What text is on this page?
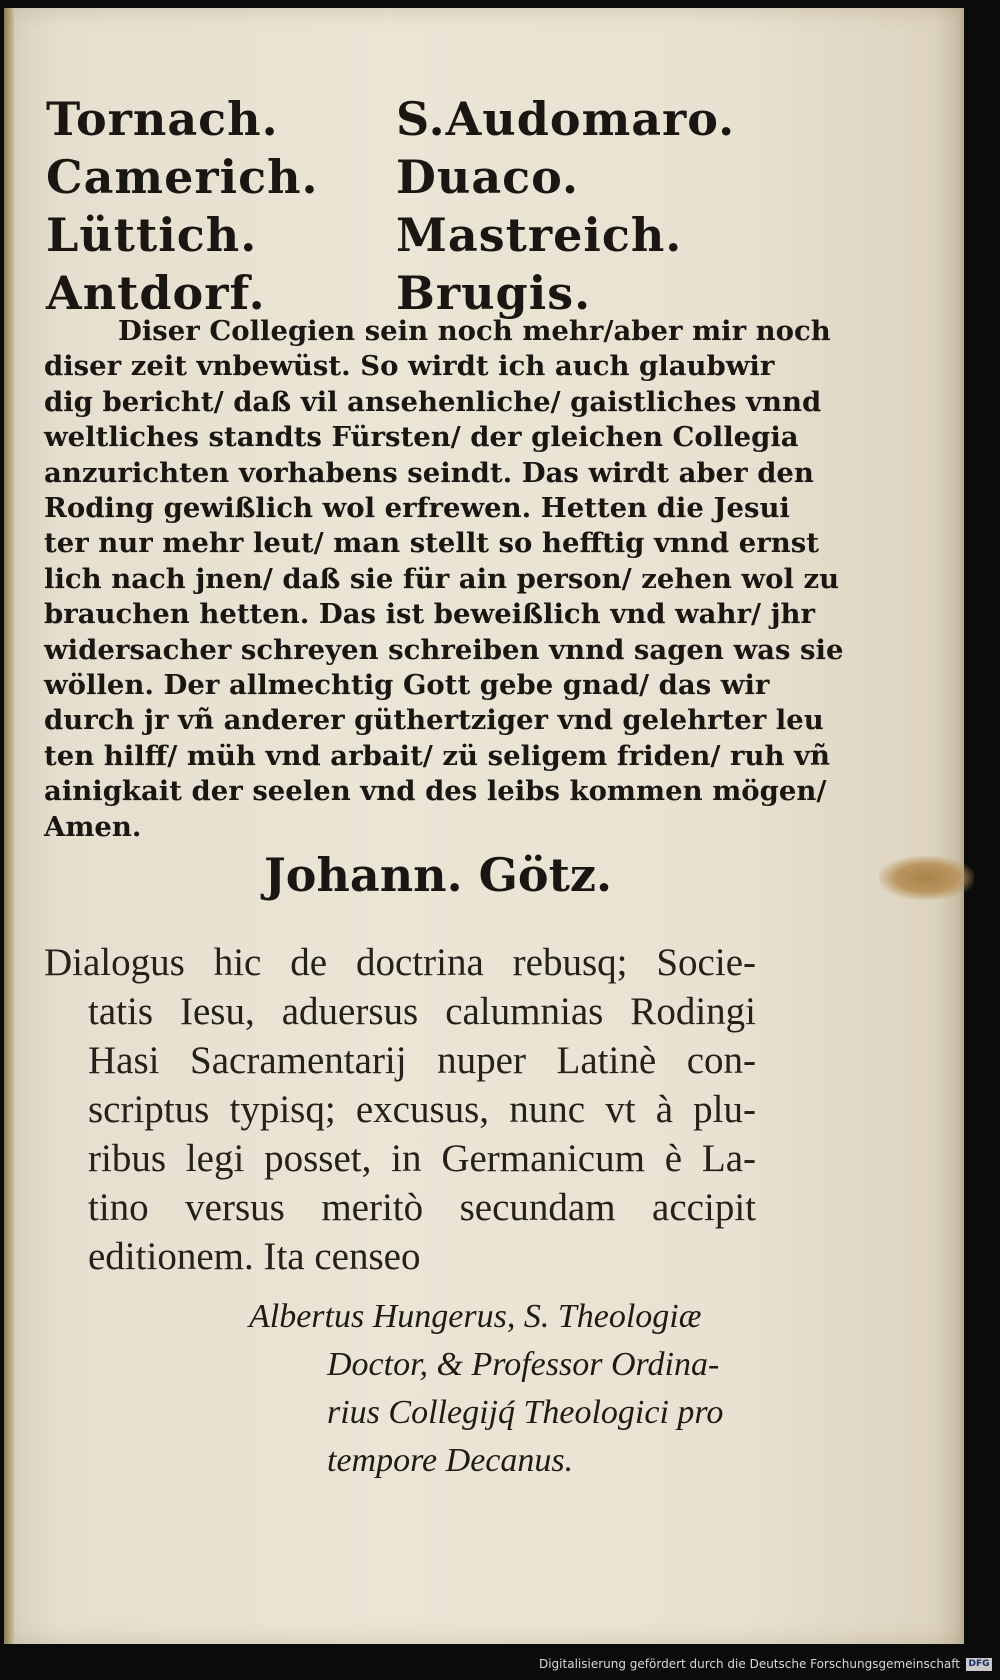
Tornach.	S.Audomaro.
Camerich.	Duaco.
Lüttich.	Mastreich.
Antdorf.	Brugis.
Diser Collegien sein noch mehr/aber mir noch
diser zeit vnbewüst. So wirdt ich auch glaubwir
dig bericht/ daß vil ansehenliche/ gaistliches vnnd
weltliches standts Fürsten/ der gleichen Collegia
anzurichten vorhabens seindt. Das wirdt aber den
Roding gewißlich wol erfrewen. Hetten die Jesui
ter nur mehr leut/ man stellt so hefftig vnnd ernst
lich nach jnen/ daß sie für ain person/ zehen wol zu
brauchen hetten. Das ist beweißlich vnd wahr/ jhr
widersacher schreyen schreiben vnnd sagen was sie
wöllen. Der allmechtig Gott gebe gnad/ das wir
durch jr vñ anderer güthertziger vnd gelehrter leu
ten hilff/ müh vnd arbait/ zü seligem friden/ ruh vñ
ainigkait der seelen vnd des leibs kommen mögen/
Amen.
Johann. Götz.
Dialogus hic de doctrina rebusq; Socie-
tatis Iesu, aduersus calumnias Rodingi
Hasi Sacramentarij nuper Latinè con-
scriptus typisq; excusus, nunc vt à plu-
ribus legi posset, in Germanicum è La-
tino versus meritò secundam accipit
editionem. Ita censeo
Albertus Hungerus, S. Theologiæ
Doctor, & Professor Ordina-
rius Collegijq́ Theologici pro
tempore Decanus.
Digitalisierung gefördert durch die Deutsche Forschungsgemeinschaft DFG
